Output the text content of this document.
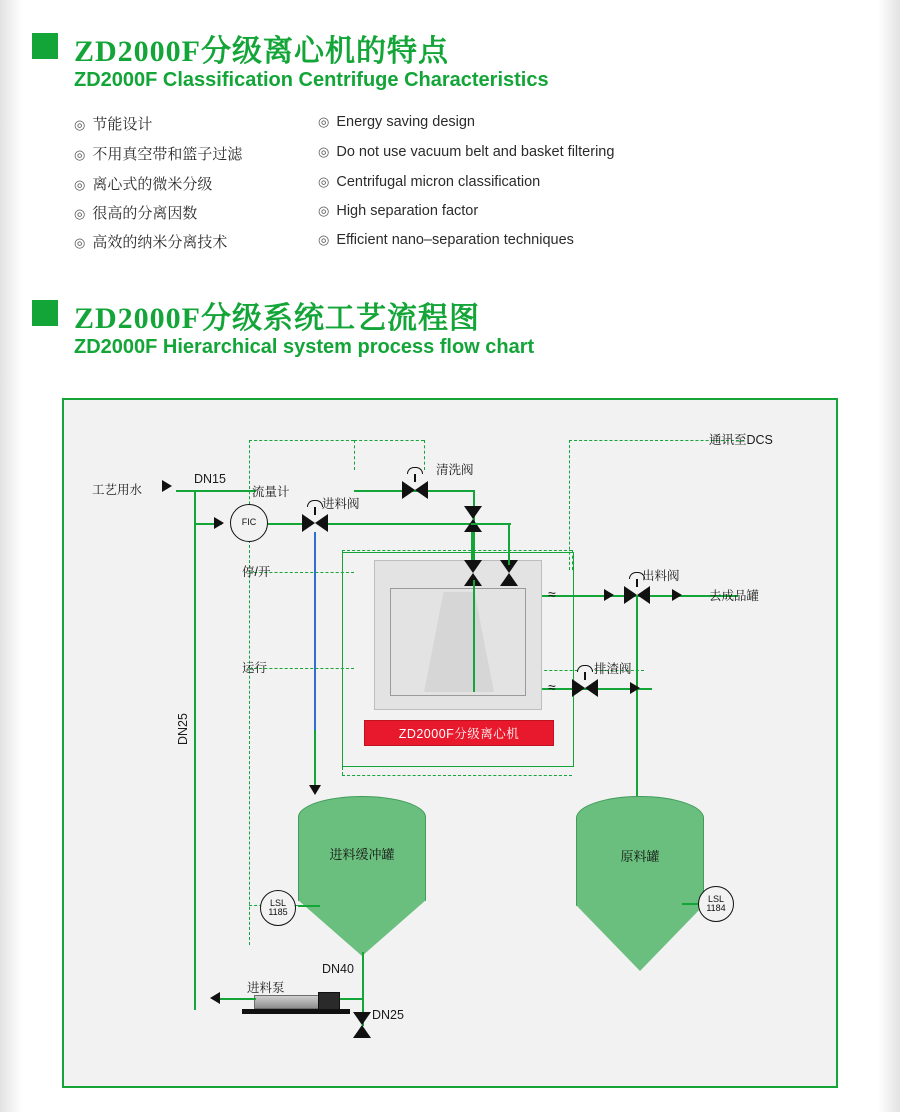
ZD2000F分级离心机的特点
ZD2000F Classification Centrifuge Characteristics
◎ 节能设计
◎ 不用真空带和篮子过滤
◎ 离心式的微米分级
◎ 很高的分离因数
◎ 高效的纳米分离技术
◎ Energy saving design
◎ Do not use vacuum belt and basket filtering
◎ Centrifugal micron classification
◎ High separation factor
◎ Efficient nano–separation techniques
ZD2000F分级系统工艺流程图
ZD2000F Hierarchical system process flow chart
通讯至DCS
停/开
运行
工艺用水
DN15
FIC
流量计
进料阀
DN25
清洗阀
ZD2000F分级离心机
≈
出料阀
去成品罐
≈
排渣阀
进料缓冲罐
LSL
1185
原料罐
LSL
1184
DN40
DN25
进料泵
